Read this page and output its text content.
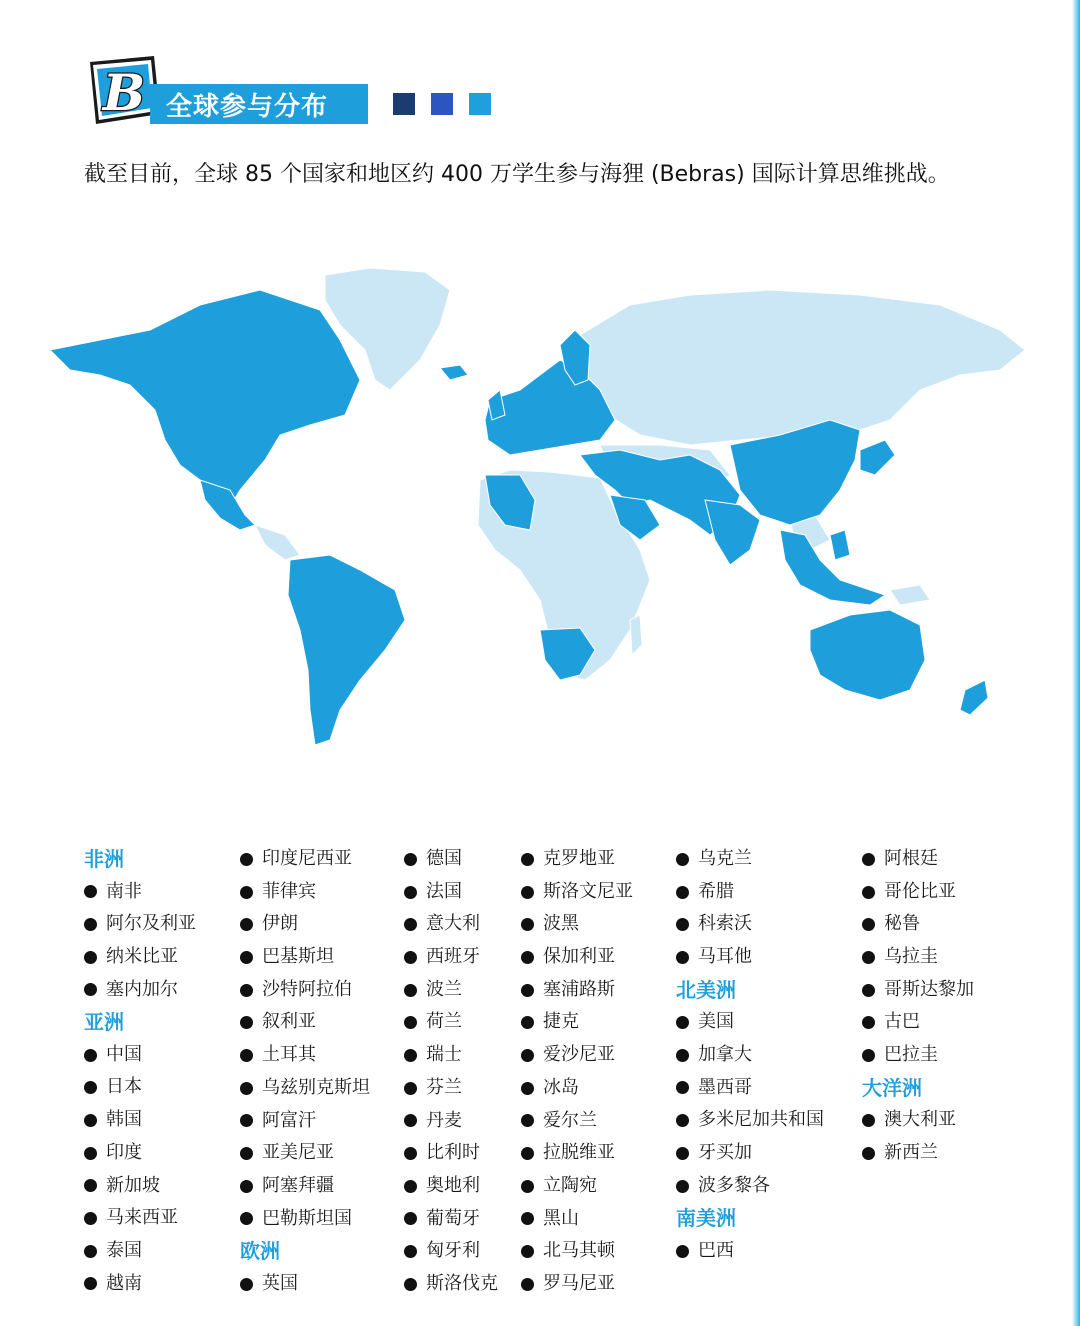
B 全球参与分布
截至目前，全球 85 个国家和地区约 400 万学生参与海狸 (Bebras) 国际计算思维挑战。
非洲
南非
阿尔及利亚
纳米比亚
塞内加尔
亚洲
中国
日本
韩国
印度
新加坡
马来西亚
泰国
越南
印度尼西亚
菲律宾
伊朗
巴基斯坦
沙特阿拉伯
叙利亚
土耳其
乌兹别克斯坦
阿富汗
亚美尼亚
阿塞拜疆
巴勒斯坦国
欧洲
英国
德国
法国
意大利
西班牙
波兰
荷兰
瑞士
芬兰
丹麦
比利时
奥地利
葡萄牙
匈牙利
斯洛伐克
克罗地亚
斯洛文尼亚
波黑
保加利亚
塞浦路斯
捷克
爱沙尼亚
冰岛
爱尔兰
拉脱维亚
立陶宛
黑山
北马其顿
罗马尼亚
乌克兰
希腊
科索沃
马耳他
北美洲
美国
加拿大
墨西哥
多米尼加共和国
牙买加
波多黎各
南美洲
巴西
阿根廷
哥伦比亚
秘鲁
乌拉圭
哥斯达黎加
古巴
巴拉圭
大洋洲
澳大利亚
新西兰
